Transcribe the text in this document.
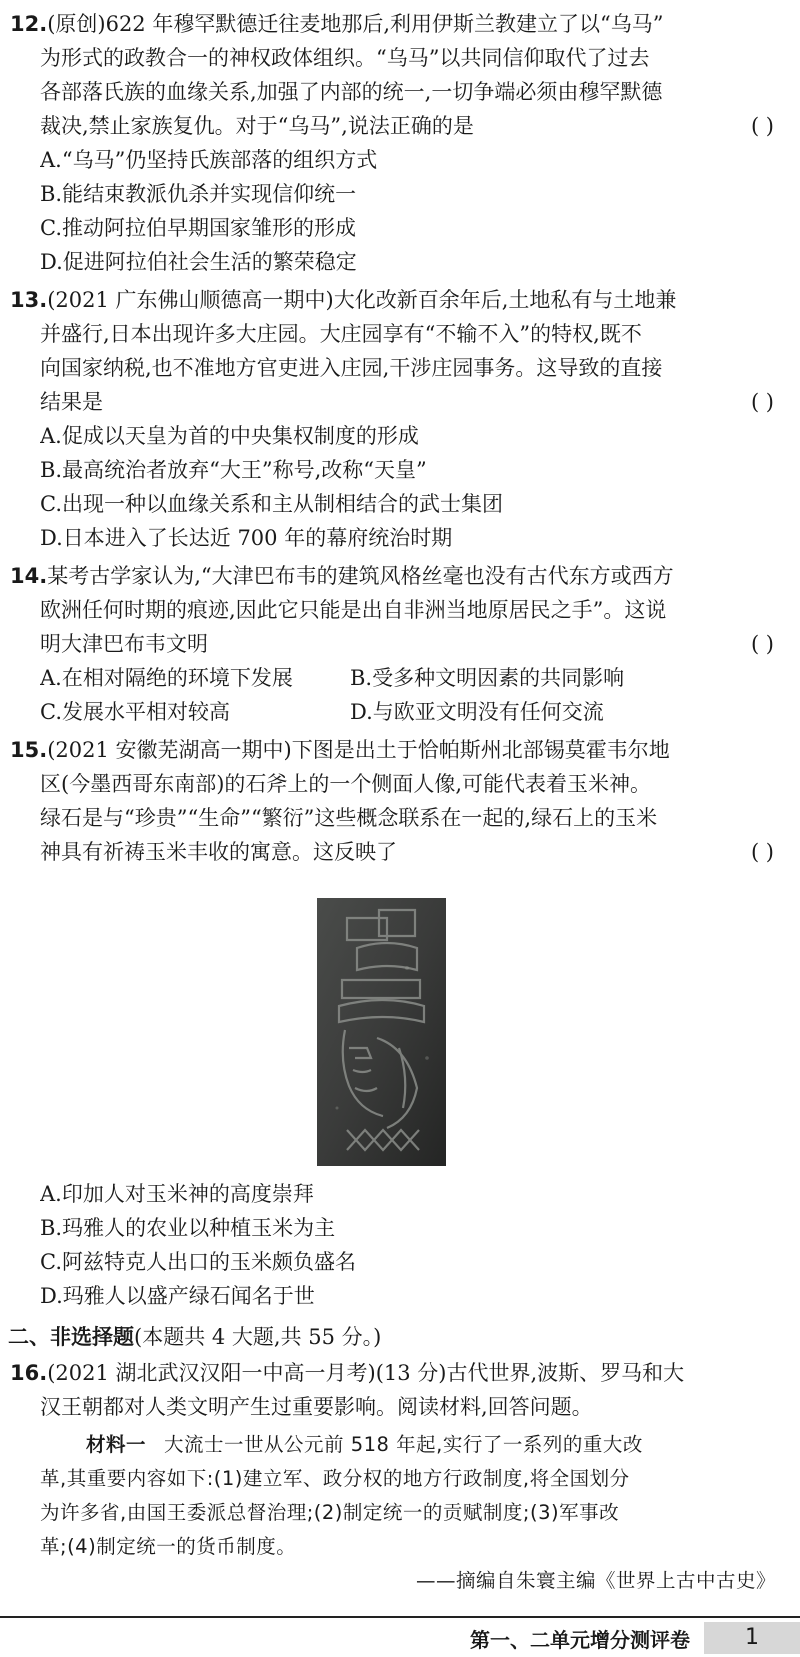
12.(原创)622 年穆罕默德迁往麦地那后,利用伊斯兰教建立了以“乌马”
为形式的政教合一的神权政体组织。“乌马”以共同信仰取代了过去
各部落氏族的血缘关系,加强了内部的统一,一切争端必须由穆罕默德
裁决,禁止家族复仇。对于“乌马”,说法正确的是	( )
A.“乌马”仍坚持氏族部落的组织方式
B.能结束教派仇杀并实现信仰统一
C.推动阿拉伯早期国家雏形的形成
D.促进阿拉伯社会生活的繁荣稳定
13.(2021 广东佛山顺德高一期中)大化改新百余年后,土地私有与土地兼
并盛行,日本出现许多大庄园。大庄园享有“不输不入”的特权,既不
向国家纳税,也不准地方官吏进入庄园,干涉庄园事务。这导致的直接
结果是	( )
A.促成以天皇为首的中央集权制度的形成
B.最高统治者放弃“大王”称号,改称“天皇”
C.出现一种以血缘关系和主从制相结合的武士集团
D.日本进入了长达近 700 年的幕府统治时期
14.某考古学家认为,“大津巴布韦的建筑风格丝毫也没有古代东方或西方
欧洲任何时期的痕迹,因此它只能是出自非洲当地原居民之手”。这说
明大津巴布韦文明	( )
A.在相对隔绝的环境下发展	B.受多种文明因素的共同影响
C.发展水平相对较高	D.与欧亚文明没有任何交流
15.(2021 安徽芜湖高一期中)下图是出土于恰帕斯州北部锡莫霍韦尔地
区(今墨西哥东南部)的石斧上的一个侧面人像,可能代表着玉米神。
绿石是与“珍贵”“生命”“繁衍”这些概念联系在一起的,绿石上的玉米
神具有祈祷玉米丰收的寓意。这反映了	( )
A.印加人对玉米神的高度崇拜
B.玛雅人的农业以种植玉米为主
C.阿兹特克人出口的玉米颇负盛名
D.玛雅人以盛产绿石闻名于世
二、非选择题(本题共 4 大题,共 55 分。)
16.(2021 湖北武汉汉阳一中高一月考)(13 分)古代世界,波斯、罗马和大
汉王朝都对人类文明产生过重要影响。阅读材料,回答问题。
材料一 大流士一世从公元前 518 年起,实行了一系列的重大改
革,其重要内容如下:(1)建立军、政分权的地方行政制度,将全国划分
为许多省,由国王委派总督治理;(2)制定统一的贡赋制度;(3)军事改
革;(4)制定统一的货币制度。
——摘编自朱寰主编《世界上古中古史》
第一、二单元增分测评卷	1
